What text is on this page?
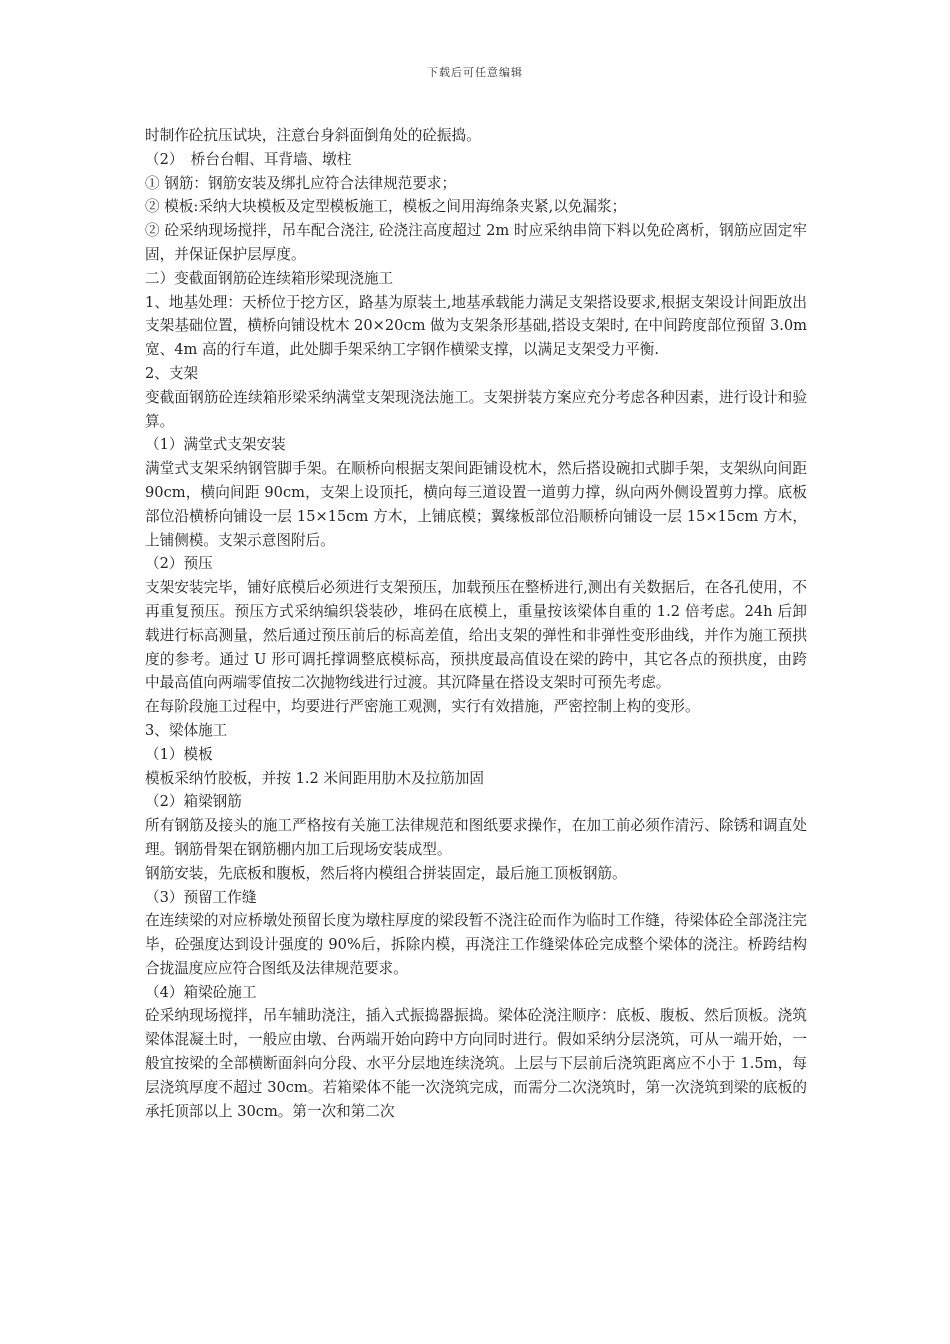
下载后可任意编辑

时制作砼抗压试块，注意台身斜面倒角处的砼振捣。

（2）　桥台台帽、耳背墙、墩柱

① 钢筋：钢筋安装及绑扎应符合法律规范要求；

② 模板:采纳大块模板及定型模板施工，模板之间用海绵条夹紧,以免漏浆；

② 砼采纳现场搅拌，吊车配合浇注, 砼浇注高度超过 2m 时应采纳串筒下料以免砼离析，钢筋应固定牢固，并保证保护层厚度。

二）变截面钢筋砼连续箱形梁现浇施工

1、地基处理：天桥位于挖方区，路基为原装土,地基承载能力满足支架搭设要求,根据支架设计间距放出支架基础位置，横桥向铺设枕木 20×20cm 做为支架条形基础,搭设支架时, 在中间跨度部位预留 3.0m 宽、4m 高的行车道，此处脚手架采纳工字钢作横梁支撑，以满足支架受力平衡.

2、支架

变截面钢筋砼连续箱形梁采纳满堂支架现浇法施工。支架拼装方案应充分考虑各种因素，进行设计和验算。

（1）满堂式支架安装

满堂式支架采纳钢管脚手架。在顺桥向根据支架间距铺设枕木，然后搭设碗扣式脚手架，支架纵向间距 90cm，横向间距 90cm，支架上设顶托，横向每三道设置一道剪力撑，纵向两外侧设置剪力撑。底板部位沿横桥向铺设一层 15×15cm 方木，上铺底模；翼缘板部位沿顺桥向铺设一层 15×15cm 方木，上铺侧模。支架示意图附后。

（2）预压

支架安装完毕，铺好底模后必须进行支架预压，加载预压在整桥进行,测出有关数据后，在各孔使用，不再重复预压。预压方式采纳编织袋装砂，堆码在底模上，重量按该梁体自重的 1.2 倍考虑。24h 后卸载进行标高测量，然后通过预压前后的标高差值，给出支架的弹性和非弹性变形曲线，并作为施工预拱度的参考。通过 U 形可调托撑调整底模标高，预拱度最高值设在梁的跨中，其它各点的预拱度，由跨中最高值向两端零值按二次抛物线进行过渡。其沉降量在搭设支架时可预先考虑。

在每阶段施工过程中，均要进行严密施工观测，实行有效措施，严密控制上构的变形。

3、梁体施工

（1）模板

模板采纳竹胶板，并按 1.2 米间距用肋木及拉筋加固

（2）箱梁钢筋

所有钢筋及接头的施工严格按有关施工法律规范和图纸要求操作，在加工前必须作清污、除锈和调直处理。钢筋骨架在钢筋棚内加工后现场安装成型。

钢筋安装，先底板和腹板，然后将内模组合拼装固定，最后施工顶板钢筋。

（3）预留工作缝

在连续梁的对应桥墩处预留长度为墩柱厚度的梁段暂不浇注砼而作为临时工作缝，待梁体砼全部浇注完毕，砼强度达到设计强度的 90%后，拆除内模，再浇注工作缝梁体砼完成整个梁体的浇注。桥跨结构合拢温度应应符合图纸及法律规范要求。

（4）箱梁砼施工

砼采纳现场搅拌，吊车辅助浇注，插入式振捣器振捣。梁体砼浇注顺序：底板、腹板、然后顶板。浇筑梁体混凝土时，一般应由墩、台两端开始向跨中方向同时进行。假如采纳分层浇筑，可从一端开始，一般宜按梁的全部横断面斜向分段、水平分层地连续浇筑。上层与下层前后浇筑距离应不小于 1.5m，每层浇筑厚度不超过 30cm。若箱梁体不能一次浇筑完成，而需分二次浇筑时，第一次浇筑到梁的底板的承托顶部以上 30cm。第一次和第二次
